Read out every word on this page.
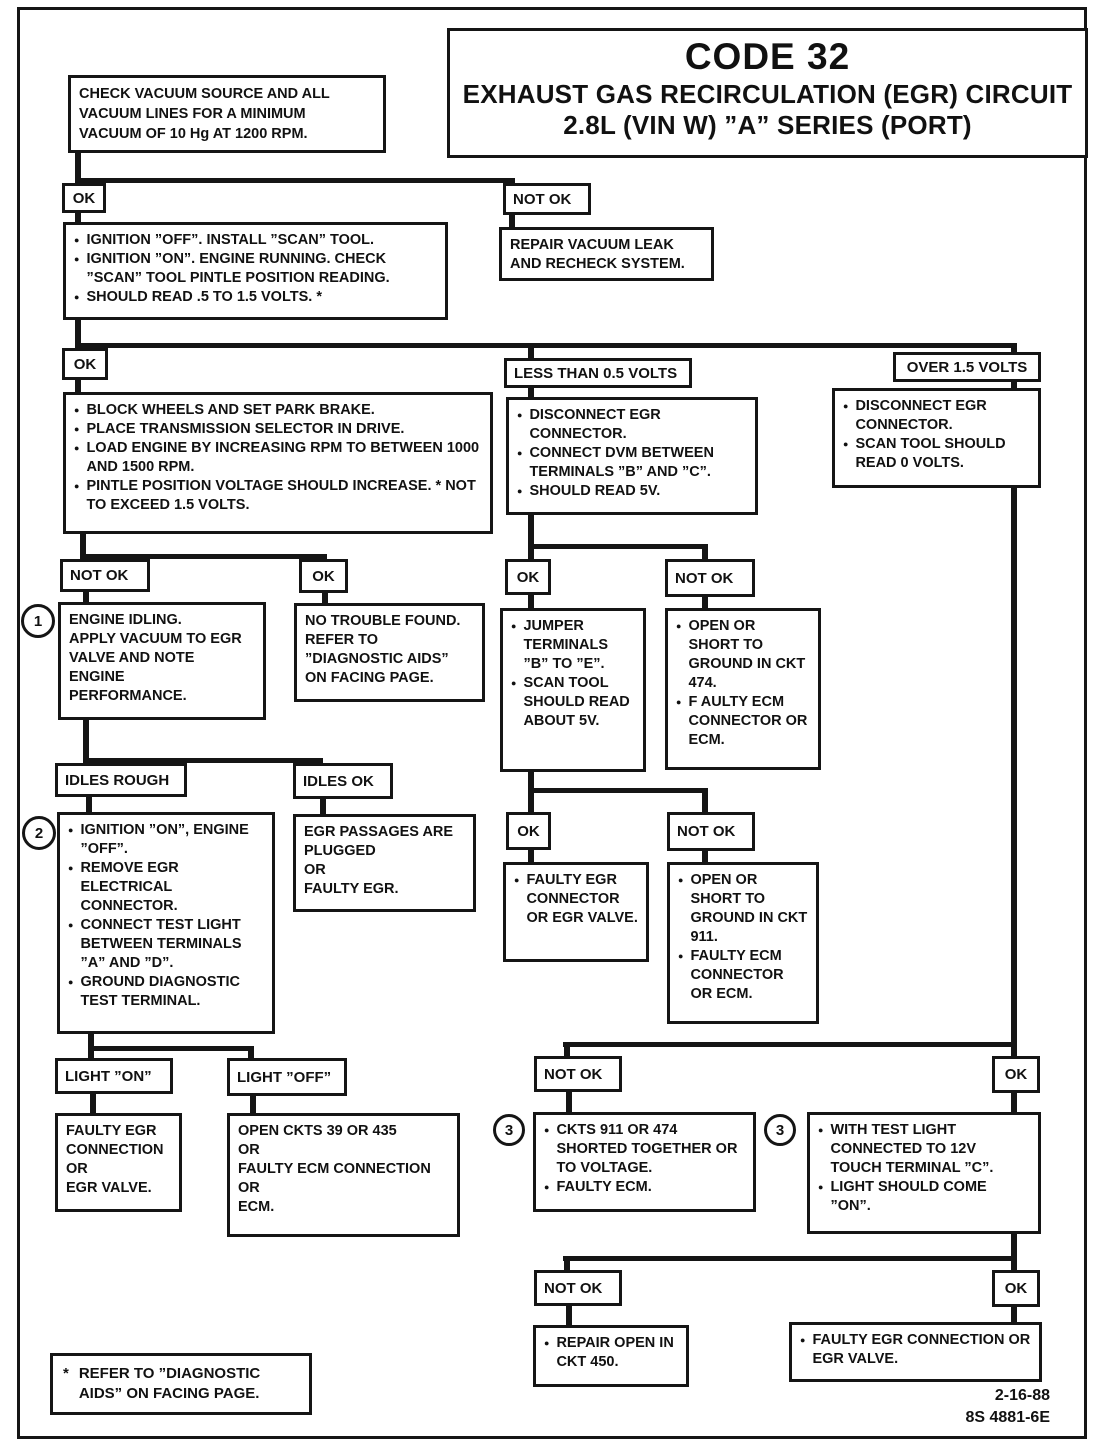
CODE 32
EXHAUST GAS RECIRCULATION (EGR) CIRCUIT
2.8L (VIN W) ”A” SERIES (PORT)
CHECK VACUUM SOURCE AND ALL
VACUUM LINES FOR A MINIMUM
VACUUM OF 10 Hg AT 1200 RPM.
OK	NOT OK
● IGNITION ”OFF”. INSTALL ”SCAN” TOOL.
● IGNITION ”ON”. ENGINE RUNNING. CHECK ”SCAN” TOOL PINTLE POSITION READING.
● SHOULD READ .5 TO 1.5 VOLTS. *
REPAIR VACUUM LEAK
AND RECHECK SYSTEM.
OK
LESS THAN 0.5 VOLTS	OVER 1.5 VOLTS
● BLOCK WHEELS AND SET PARK BRAKE.
● PLACE TRANSMISSION SELECTOR IN DRIVE.
● LOAD ENGINE BY INCREASING RPM TO BETWEEN 1000 AND 1500 RPM.
● PINTLE POSITION VOLTAGE SHOULD INCREASE. * NOT TO EXCEED 1.5 VOLTS.
● DISCONNECT EGR CONNECTOR.
● CONNECT DVM BETWEEN TERMINALS ”B” AND ”C”.
● SHOULD READ 5V.
● DISCONNECT EGR CONNECTOR.
● SCAN TOOL SHOULD READ 0 VOLTS.
NOT OK	OK
1	ENGINE IDLING.
APPLY VACUUM TO EGR
VALVE AND NOTE
ENGINE
PERFORMANCE.
NO TROUBLE FOUND.
REFER TO
”DIAGNOSTIC AIDS”
ON FACING PAGE.
OK	NOT OK
● JUMPER TERMINALS ”B” TO ”E”.
● SCAN TOOL SHOULD READ ABOUT 5V.
● OPEN OR SHORT TO GROUND IN CKT 474.
● F AULTY ECM CONNECTOR OR ECM.
IDLES ROUGH	IDLES OK
2	● IGNITION ”ON”, ENGINE ”OFF”.
● REMOVE EGR ELECTRICAL CONNECTOR.
● CONNECT TEST LIGHT BETWEEN TERMINALS ”A” AND ”D”.
● GROUND DIAGNOSTIC TEST TERMINAL.
EGR PASSAGES ARE
PLUGGED
OR
FAULTY EGR.
OK	NOT OK
● FAULTY EGR CONNECTOR OR EGR VALVE.
● OPEN OR SHORT TO GROUND IN CKT 911.
● FAULTY ECM CONNECTOR OR ECM.
LIGHT ”ON”	LIGHT ”OFF”
FAULTY EGR
CONNECTION
OR
EGR VALVE.
OPEN CKTS 39 OR 435
OR
FAULTY ECM CONNECTION
OR
ECM.
NOT OK	OK
3	● CKTS 911 OR 474 SHORTED TOGETHER OR TO VOLTAGE.
● FAULTY ECM.
3	● WITH TEST LIGHT CONNECTED TO 12V TOUCH TERMINAL ”C”.
● LIGHT SHOULD COME ”ON”.
NOT OK	OK
● REPAIR OPEN IN CKT 450.
● FAULTY EGR CONNECTION OR EGR VALVE.
* REFER TO ”DIAGNOSTIC
AIDS” ON FACING PAGE.	2-16-88
8S 4881-6E
